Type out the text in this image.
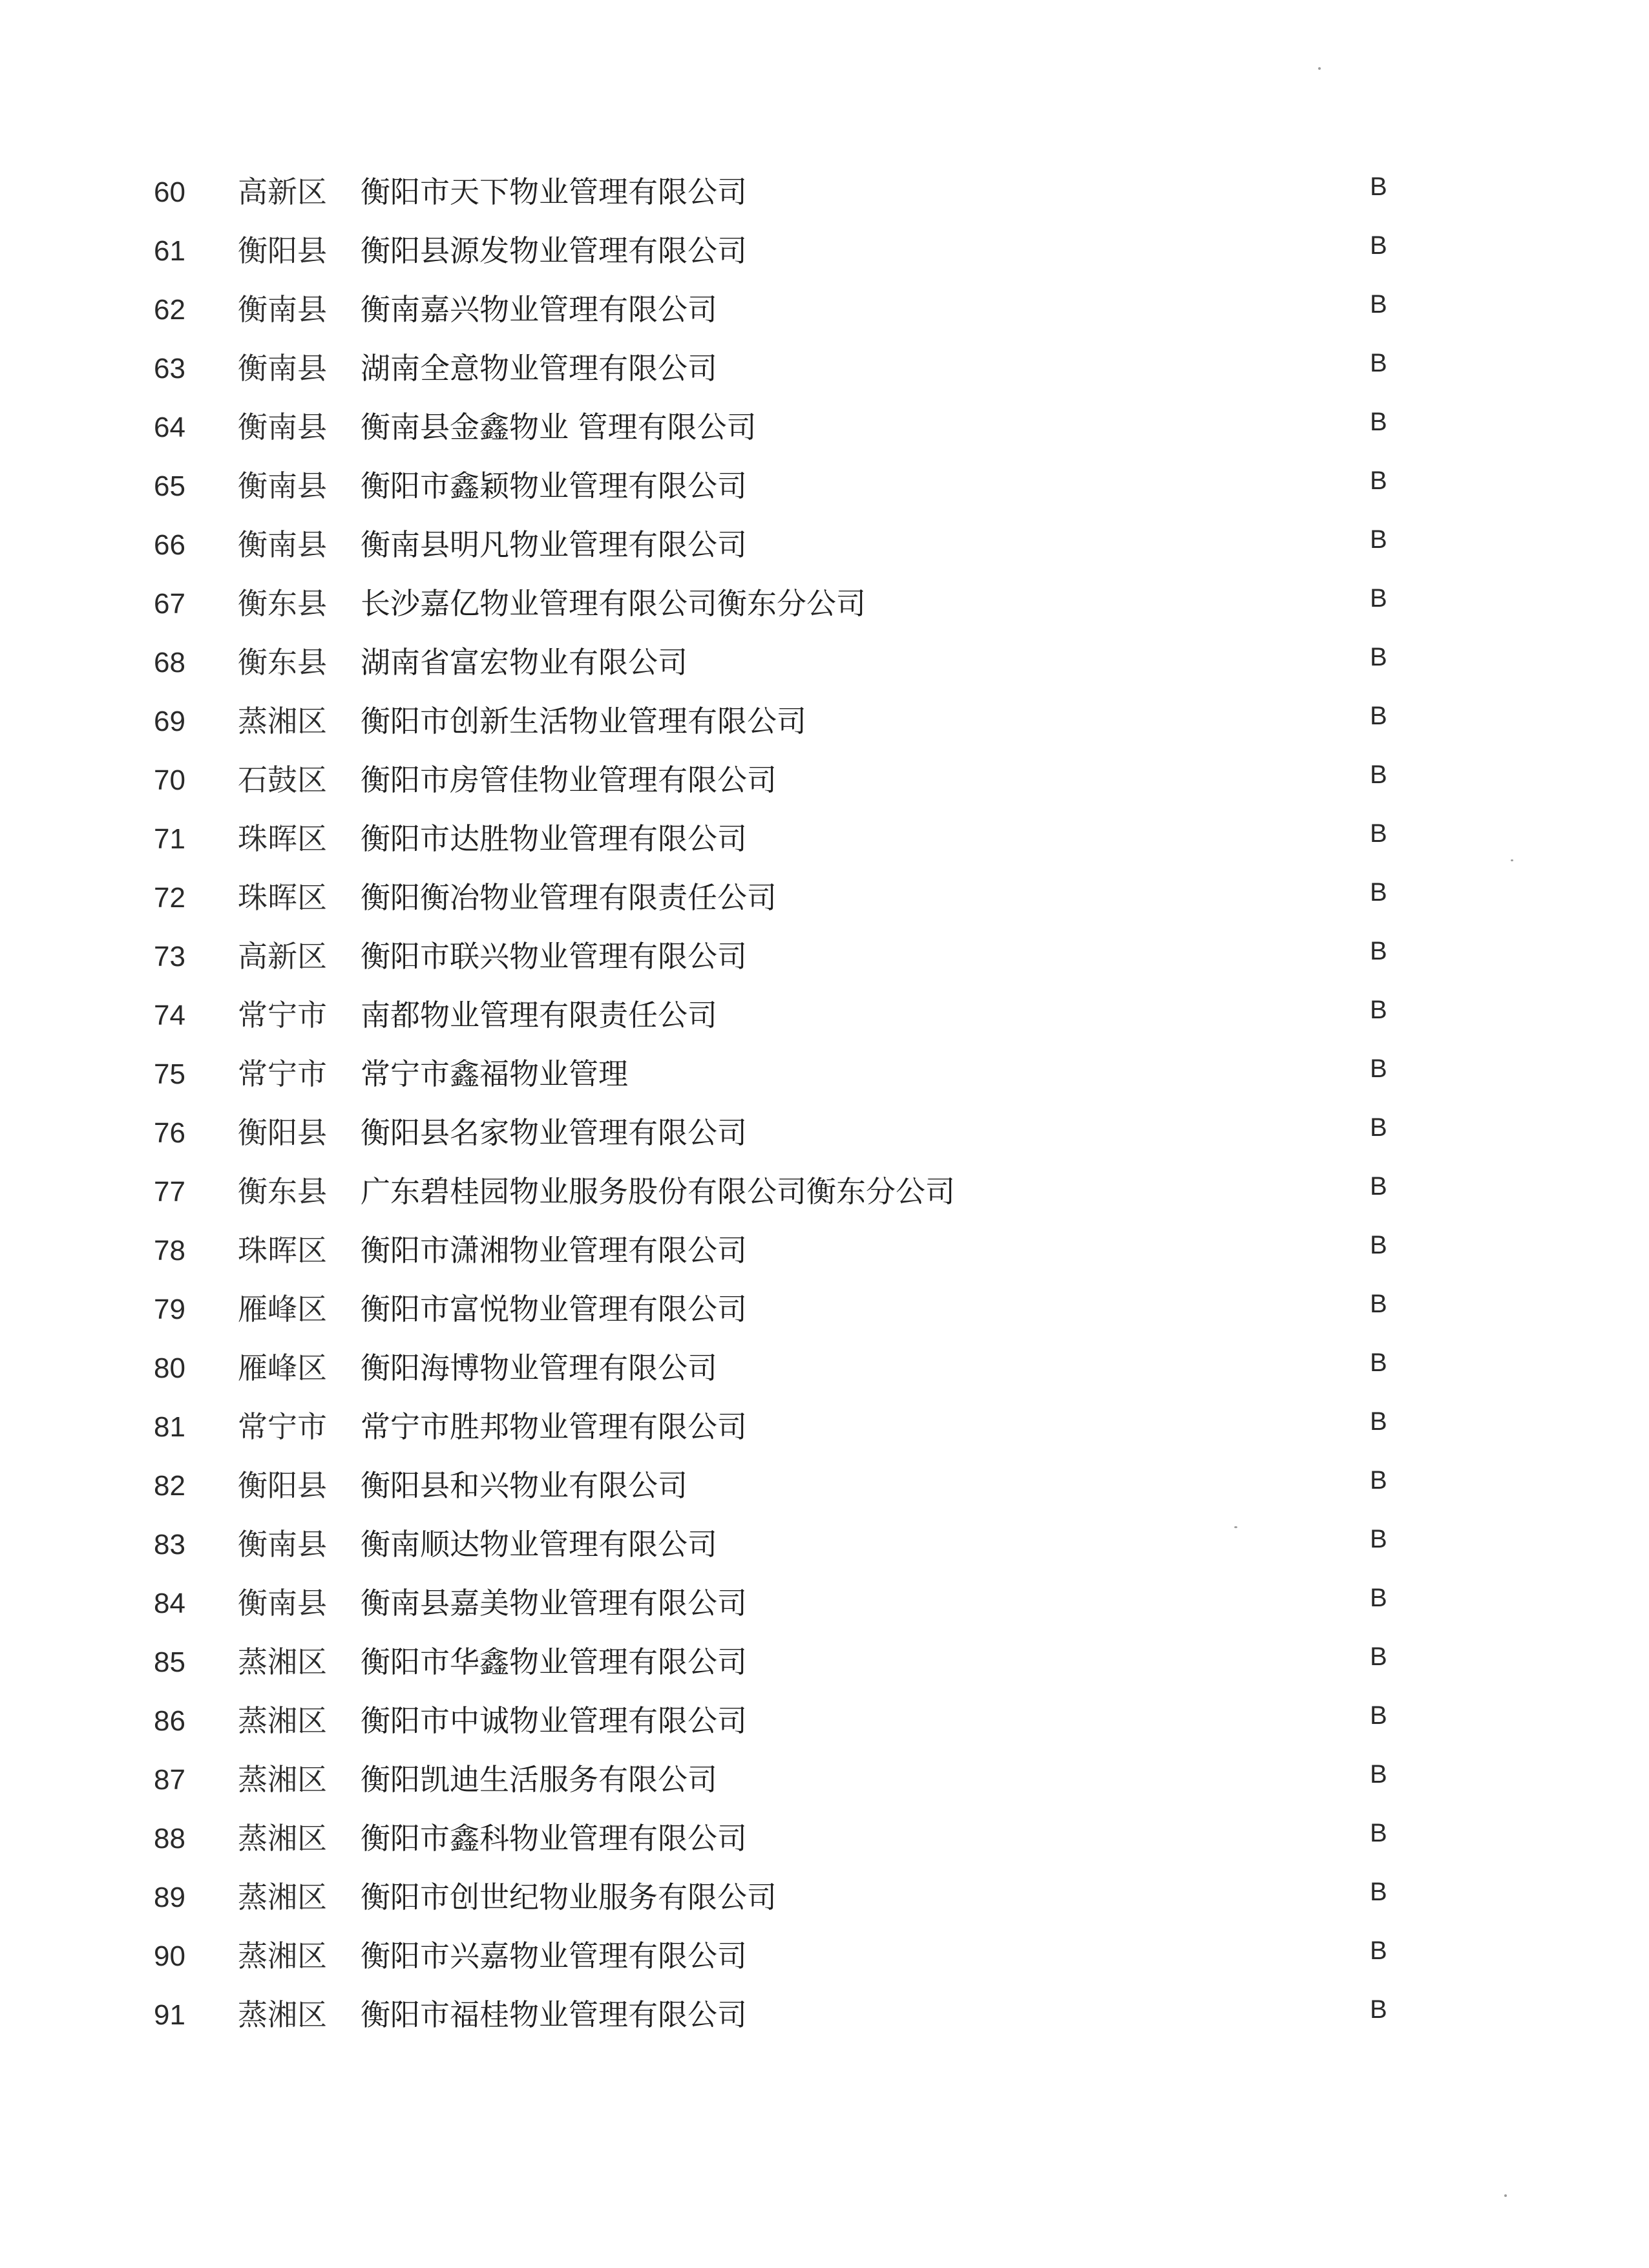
60	高新区 衡阳市天下物业管理有限公司	B
61	衡阳县 衡阳县源发物业管理有限公司	B
62	衡南县 衡南嘉兴物业管理有限公司	B
63	衡南县 湖南全意物业管理有限公司	B
64	衡南县 衡南县金鑫物业 管理有限公司	B
65	衡南县 衡阳市鑫颖物业管理有限公司	B
66	衡南县 衡南县明凡物业管理有限公司	B
67	衡东县 长沙嘉亿物业管理有限公司衡东分公司	B
68	衡东县 湖南省富宏物业有限公司	B
69	蒸湘区 衡阳市创新生活物业管理有限公司	B
70	石鼓区 衡阳市房管佳物业管理有限公司	B
71	珠晖区 衡阳市达胜物业管理有限公司	B
72	珠晖区 衡阳衡冶物业管理有限责任公司	B
73	高新区 衡阳市联兴物业管理有限公司	B
74	常宁市 南都物业管理有限责任公司	B
75	常宁市 常宁市鑫福物业管理	B
76	衡阳县 衡阳县名家物业管理有限公司	B
77	衡东县 广东碧桂园物业服务股份有限公司衡东分公司	B
78	珠晖区 衡阳市潇湘物业管理有限公司	B
79	雁峰区 衡阳市富悦物业管理有限公司	B
80	雁峰区 衡阳海博物业管理有限公司	B
81	常宁市 常宁市胜邦物业管理有限公司	B
82	衡阳县 衡阳县和兴物业有限公司	B
83	衡南县 衡南顺达物业管理有限公司	B
84	衡南县 衡南县嘉美物业管理有限公司	B
85	蒸湘区 衡阳市华鑫物业管理有限公司	B
86	蒸湘区 衡阳市中诚物业管理有限公司	B
87	蒸湘区 衡阳凯迪生活服务有限公司	B
88	蒸湘区 衡阳市鑫科物业管理有限公司	B
89	蒸湘区 衡阳市创世纪物业服务有限公司	B
90	蒸湘区 衡阳市兴嘉物业管理有限公司	B
91	蒸湘区 衡阳市福桂物业管理有限公司	B
